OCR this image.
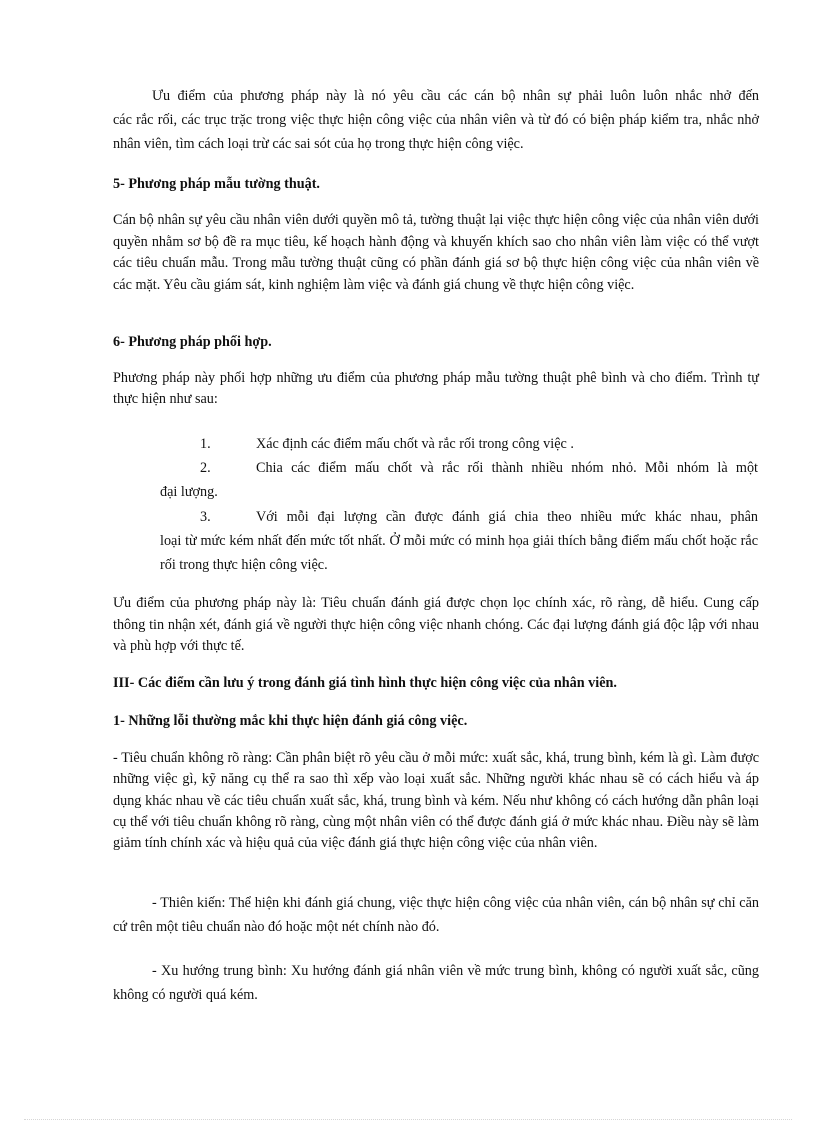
Ưu điểm của phương pháp này là nó yêu cầu các cán bộ nhân sự phải luôn luôn nhắc nhở đến
các rắc rối, các trục trặc trong việc thực hiện công việc của nhân viên và từ đó có biện pháp kiểm tra, nhắc nhở nhân viên, tìm cách loại trừ các sai sót của họ trong thực hiện công việc.

5- Phương pháp mẫu tường thuật.

Cán bộ nhân sự yêu cầu nhân viên dưới quyền mô tả, tường thuật lại việc thực hiện công việc của nhân viên dưới quyền nhằm sơ bộ đề ra mục tiêu, kế hoạch hành động và khuyến khích sao cho nhân viên làm việc có thể vượt các tiêu chuẩn mẫu. Trong mẫu tường thuật cũng có phần đánh giá sơ bộ thực hiện công việc của nhân viên về các mặt. Yêu cầu giám sát, kinh nghiệm làm việc và đánh giá chung về thực hiện công việc.

6- Phương pháp phối hợp.

Phương pháp này phối hợp những ưu điểm của phương pháp mẫu tường thuật phê bình và cho điểm. Trình tự thực hiện như sau:

1.	Xác định các điểm mấu chốt và rắc rối trong công việc .

2.	Chia các điểm mấu chốt và rắc rối thành nhiều nhóm nhỏ. Mỗi nhóm là một
đại lượng.

3.	Với mỗi đại lượng cần được đánh giá chia theo nhiều mức khác nhau, phân
loại từ mức kém nhất đến mức tốt nhất. Ở mỗi mức có minh họa giải thích bằng điểm mấu chốt hoặc rắc rối trong thực hiện công việc.

Ưu điểm của phương pháp này là: Tiêu chuẩn đánh giá được chọn lọc chính xác, rõ ràng, dễ hiểu. Cung cấp thông tin nhận xét, đánh giá về người thực hiện công việc nhanh chóng. Các đại lượng đánh giá độc lập với nhau và phù hợp với thực tế.

III- Các điểm cần lưu ý trong đánh giá tình hình thực hiện công việc của nhân viên.

1- Những lỗi thường mắc khi thực hiện đánh giá công việc.

- Tiêu chuẩn không rõ ràng: Cần phân biệt rõ yêu cầu ở mỗi mức: xuất sắc, khá, trung bình, kém là gì. Làm được những việc gì, kỹ năng cụ thể ra sao thì xếp vào loại xuất sắc. Những người khác nhau sẽ có cách hiểu và áp dụng khác nhau về các tiêu chuẩn xuất sắc, khá, trung bình và kém. Nếu như không có cách hướng dẫn phân loại cụ thể với tiêu chuẩn không rõ ràng, cùng một nhân viên có thể được đánh giá ở mức khác nhau. Điều này sẽ làm giảm tính chính xác và hiệu quả của việc đánh giá thực hiện công việc của nhân viên.

- Thiên kiến: Thể hiện khi đánh giá chung, việc thực hiện công việc của nhân viên, cán bộ nhân sự chỉ căn cứ trên một tiêu chuẩn nào đó hoặc một nét chính nào đó.

- Xu hướng trung bình: Xu hướng đánh giá nhân viên về mức trung bình, không có người xuất sắc, cũng không có người quá kém.
